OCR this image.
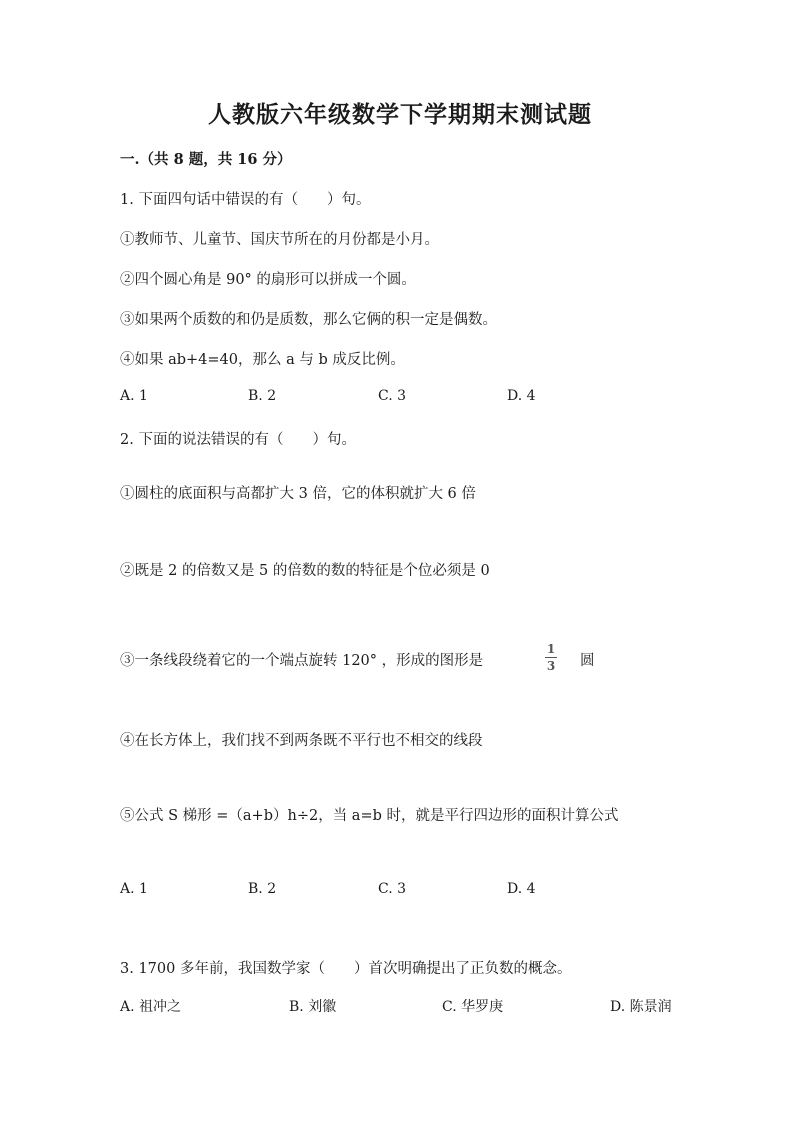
人教版六年级数学下学期期末测试题
一.（共 8 题，共 16 分）
1. 下面四句话中错误的有（　　）句。
①教师节、儿童节、国庆节所在的月份都是小月。
②四个圆心角是 90° 的扇形可以拼成一个圆。
③如果两个质数的和仍是质数，那么它俩的积一定是偶数。
④如果 ab+4=40，那么 a 与 b 成反比例。
A. 1	B. 2	C. 3	D. 4
2. 下面的说法错误的有（　　）句。
①圆柱的底面积与高都扩大 3 倍，它的体积就扩大 6 倍
②既是 2 的倍数又是 5 的倍数的数的特征是个位必须是 0
③一条线段绕着它的一个端点旋转 120° ，形成的图形是
1
3 圆
④在长方体上，我们找不到两条既不平行也不相交的线段
⑤公式 S 梯形 =（a+b）h÷2，当 a=b 时，就是平行四边形的面积计算公式
A. 1	B. 2	C. 3	D. 4
3. 1700 多年前，我国数学家（　　）首次明确提出了正负数的概念。
A. 祖冲之	B. 刘徽	C. 华罗庚	D. 陈景润
